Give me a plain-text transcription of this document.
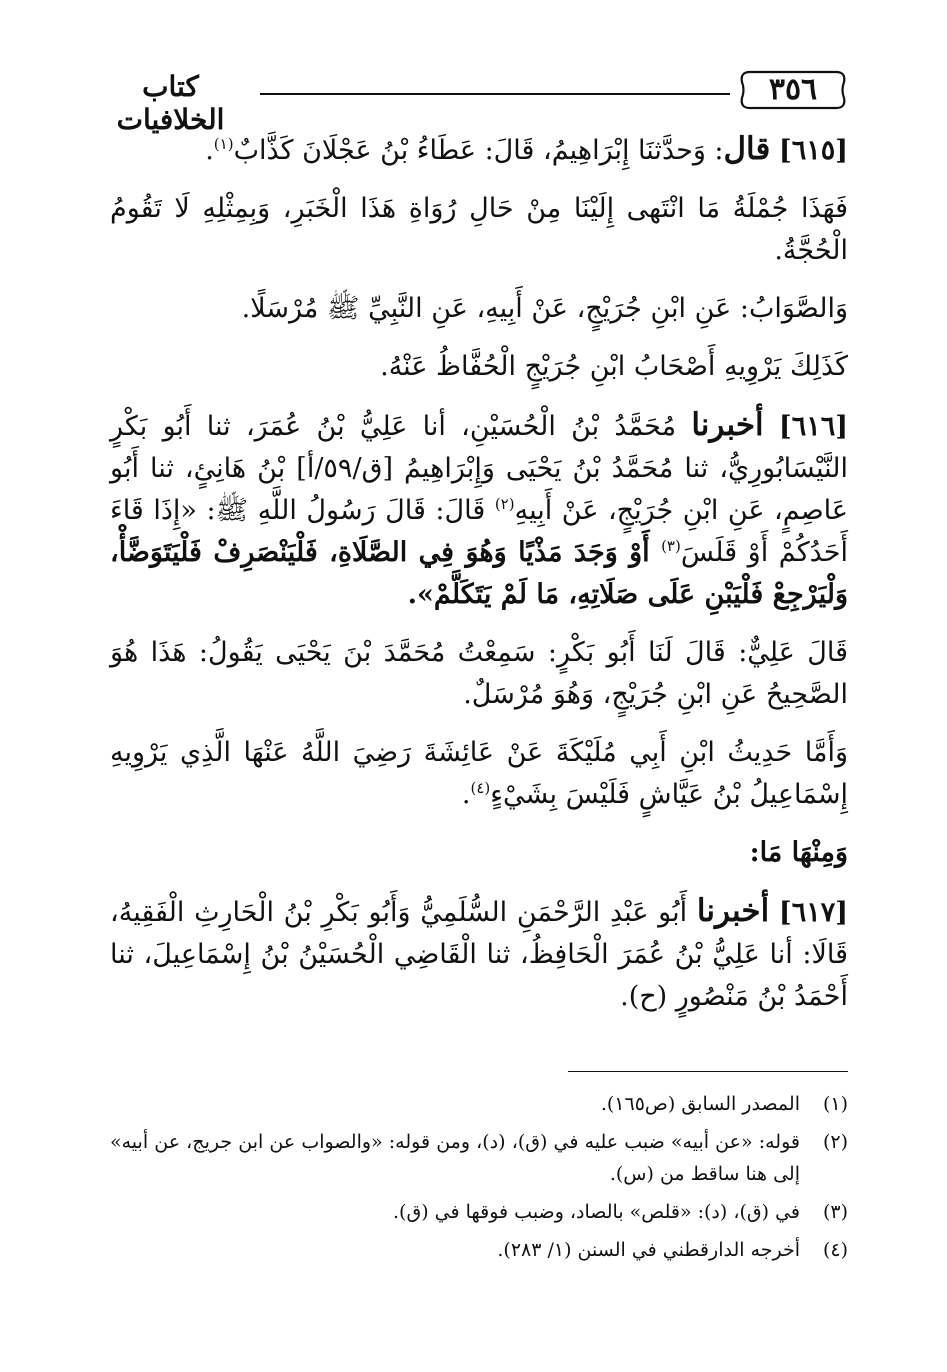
٣٥٦
كتاب الخلافيات

[٦١٥] قال: وَحدَّثنَا إِبْرَاهِيمُ، قَالَ: عَطَاءُ بْنُ عَجْلَانَ كَذَّابٌ$^{(١)}$.

فَهَذَا جُمْلَةُ مَا انْتَهى إِلَيْنَا مِنْ حَالِ رُوَاةِ هَذَا الْخَبَرِ، وَبِمِثْلِهِ لَا تَقُومُ الْحُجَّةُ.

وَالصَّوَابُ: عَنِ ابْنِ جُرَيْجٍ، عَنْ أَبِيهِ، عَنِ النَّبِيِّ ﷺ مُرْسَلًا.

كَذَلِكَ يَرْوِيهِ أَصْحَابُ ابْنِ جُرَيْجٍ الْحُفَّاظُ عَنْهُ.

[٦١٦] أخبرنا مُحَمَّدُ بْنُ الْحُسَيْنِ، أنا عَلِيُّ بْنُ عُمَرَ، ثنا أَبُو بَكْرٍ النَّيْسَابُورِيُّ، ثنا مُحَمَّدُ بْنُ يَحْيَى وَإِبْرَاهِيمُ [ق/٥٩/أ] بْنُ هَانِئٍ، ثنا أَبُو عَاصِمٍ، عَنِ ابْنِ جُرَيْجٍ، عَنْ أَبِيهِ$^{(٢)}$ قَالَ: قَالَ رَسُولُ اللَّهِ ﷺ: «إِذَا قَاءَ أَحَدُكُمْ أَوْ قَلَسَ$^{(٣)}$ أَوْ وَجَدَ مَذْيًا وَهُوَ فِي الصَّلَاةِ، فَلْيَنْصَرِفْ فَلْيَتَوَضَّأْ، وَلْيَرْجِعْ فَلْيَبْنِ عَلَى صَلَاتِهِ، مَا لَمْ يَتَكَلَّمْ».

قَالَ عَلِيٌّ: قَالَ لَنَا أَبُو بَكْرٍ: سَمِعْتُ مُحَمَّدَ بْنَ يَحْيَى يَقُولُ: هَذَا هُوَ الصَّحِيحُ عَنِ ابْنِ جُرَيْجٍ، وَهُوَ مُرْسَلٌ.

وَأَمَّا حَدِيثُ ابْنِ أَبِي مُلَيْكَةَ عَنْ عَائِشَةَ رَضِيَ اللَّهُ عَنْهَا الَّذِي يَرْوِيهِ إِسْمَاعِيلُ بْنُ عَيَّاشٍ فَلَيْسَ بِشَيْءٍ$^{(٤)}$.

وَمِنْهَا مَا:

[٦١٧] أخبرنا أَبُو عَبْدِ الرَّحْمَنِ السُّلَمِيُّ وَأَبُو بَكْرِ بْنُ الْحَارِثِ الْفَقِيهُ، قَالَا: أنا عَلِيُّ بْنُ عُمَرَ الْحَافِظُ، ثنا الْقَاضِي الْحُسَيْنُ بْنُ إِسْمَاعِيلَ، ثنا أَحْمَدُ بْنُ مَنْصُورٍ (ح).

(١)
المصدر السابق (ص١٦٥).
(٢)
قوله: «عن أبيه» ضبب عليه في (ق)، (د)، ومن قوله: «والصواب عن ابن جريج، عن أبيه» إلى هنا ساقط من (س).
(٣)
في (ق)، (د): «قلص» بالصاد، وضبب فوقها في (ق).
(٤)
أخرجه الدارقطني في السنن (١/ ٢٨٣).
